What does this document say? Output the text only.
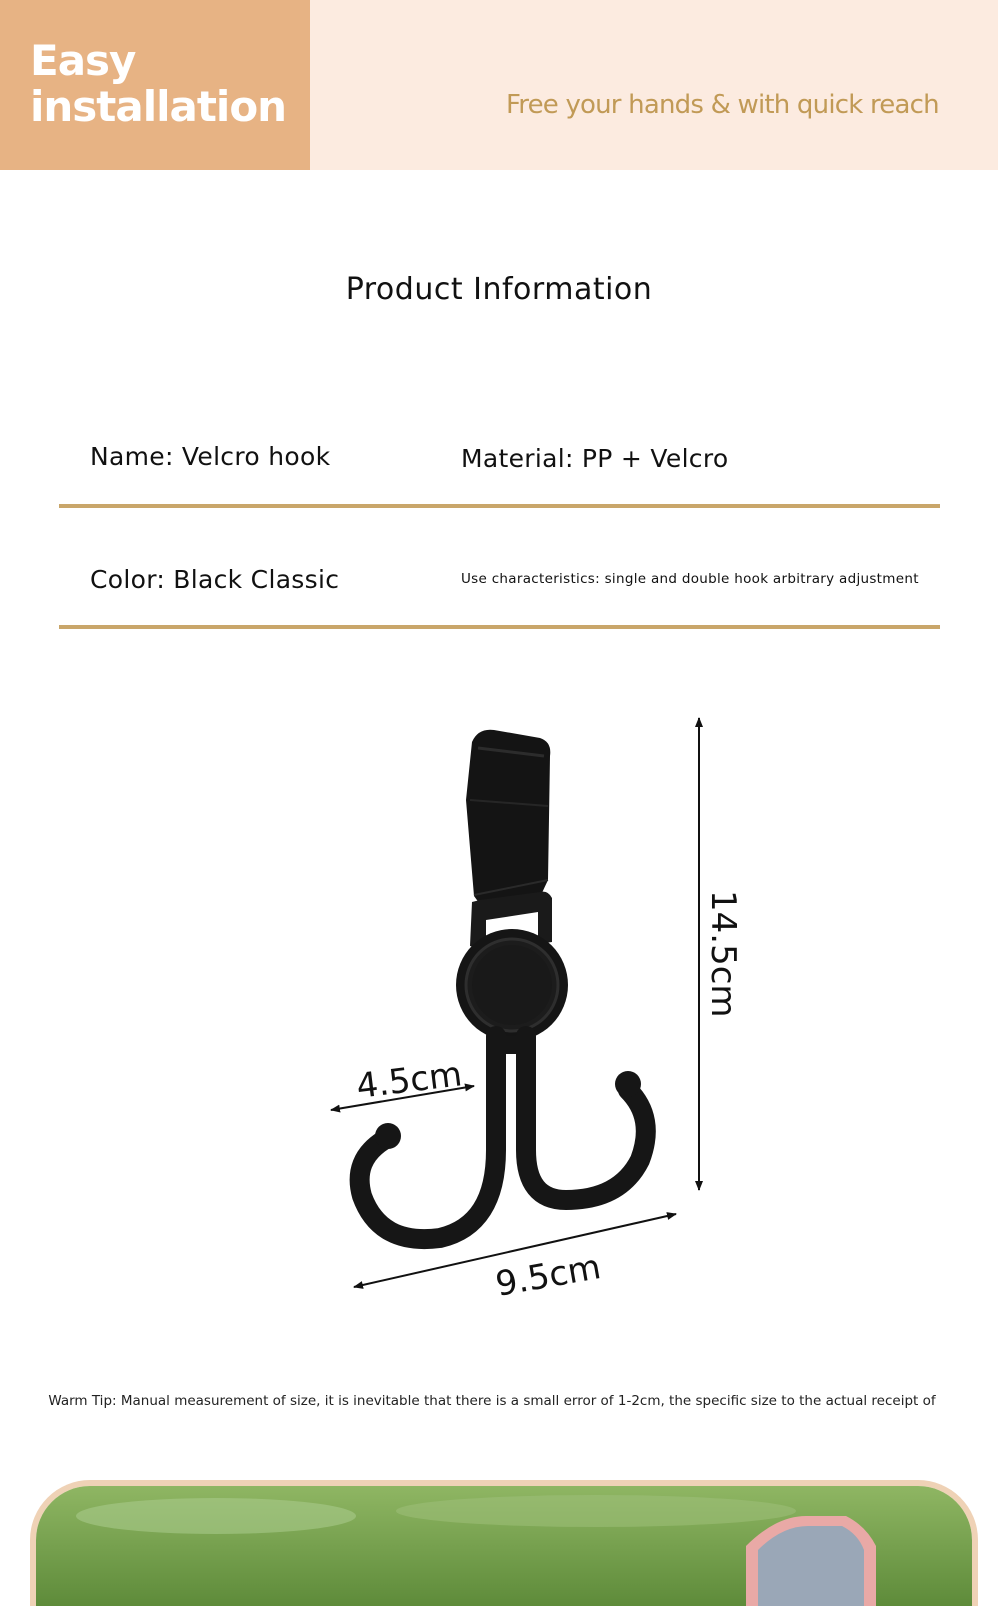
Easy
installation	Free your hands & with quick reach
Product Information
Name: Velcro hook	Material: PP + Velcro
Color: Black Classic	Use characteristics: single and double hook arbitrary adjustment
14.5cm
4.5cm
9.5cm
Warm Tip: Manual measurement of size, it is inevitable that there is a small error of 1-2cm, the specific size to the actual receipt of
